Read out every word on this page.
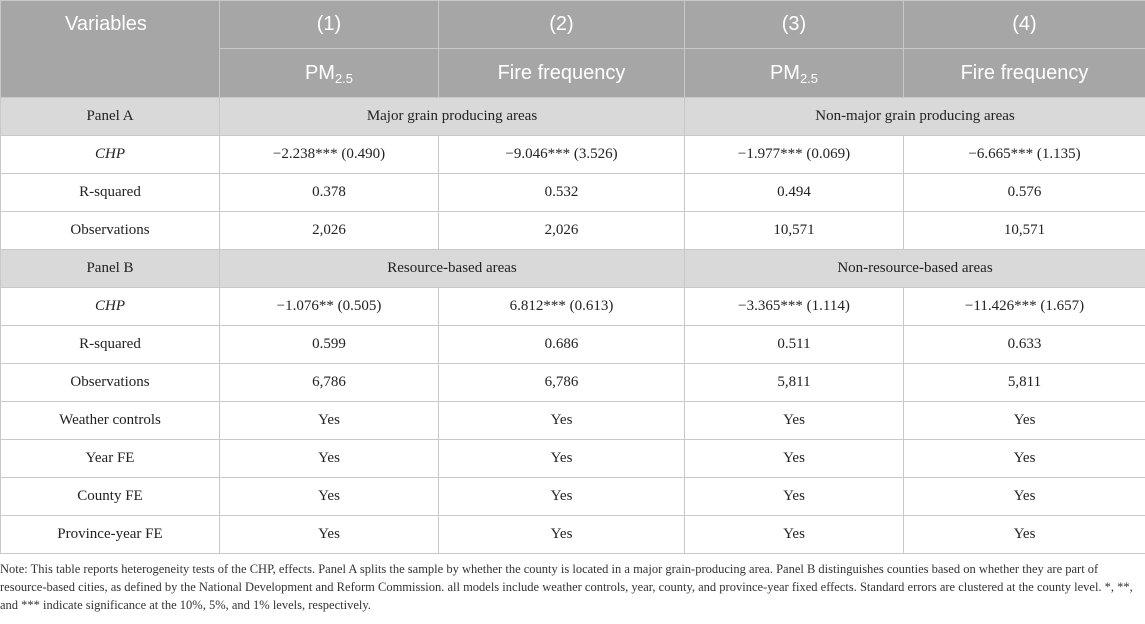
Variables	(1)	(2)	(3)	(4)
	$PM_{2.5}$	Fire frequency	$PM_{2.5}$	Fire frequency
Panel A	Major grain producing areas		Non-major grain producing areas	
CHP	−2.238*** (0.490)	−9.046*** (3.526)	−1.977*** (0.069)	−6.665*** (1.135)
R-squared	0.378	0.532	0.494	0.576
Observations	2,026	2,026	10,571	10,571
Panel B	Resource-based areas		Non-resource-based areas	
CHP	−1.076** (0.505)	6.812*** (0.613)	−3.365*** (1.114)	−11.426*** (1.657)
R-squared	0.599	0.686	0.511	0.633
Observations	6,786	6,786	5,811	5,811
Weather controls	Yes	Yes	Yes	Yes
Year FE	Yes	Yes	Yes	Yes
County FE	Yes	Yes	Yes	Yes
Province-year FE	Yes	Yes	Yes	Yes
Note: This table reports heterogeneity tests of the CHP, effects. Panel A splits the sample by whether the county is located in a major grain-producing area. Panel B distinguishes counties based on whether they are part of resource-based cities, as defined by the National Development and Reform Commission. all models include weather controls, year, county, and province-year fixed effects. Standard errors are clustered at the county level. *, **, and *** indicate significance at the 10%, 5%, and 1% levels, respectively.
